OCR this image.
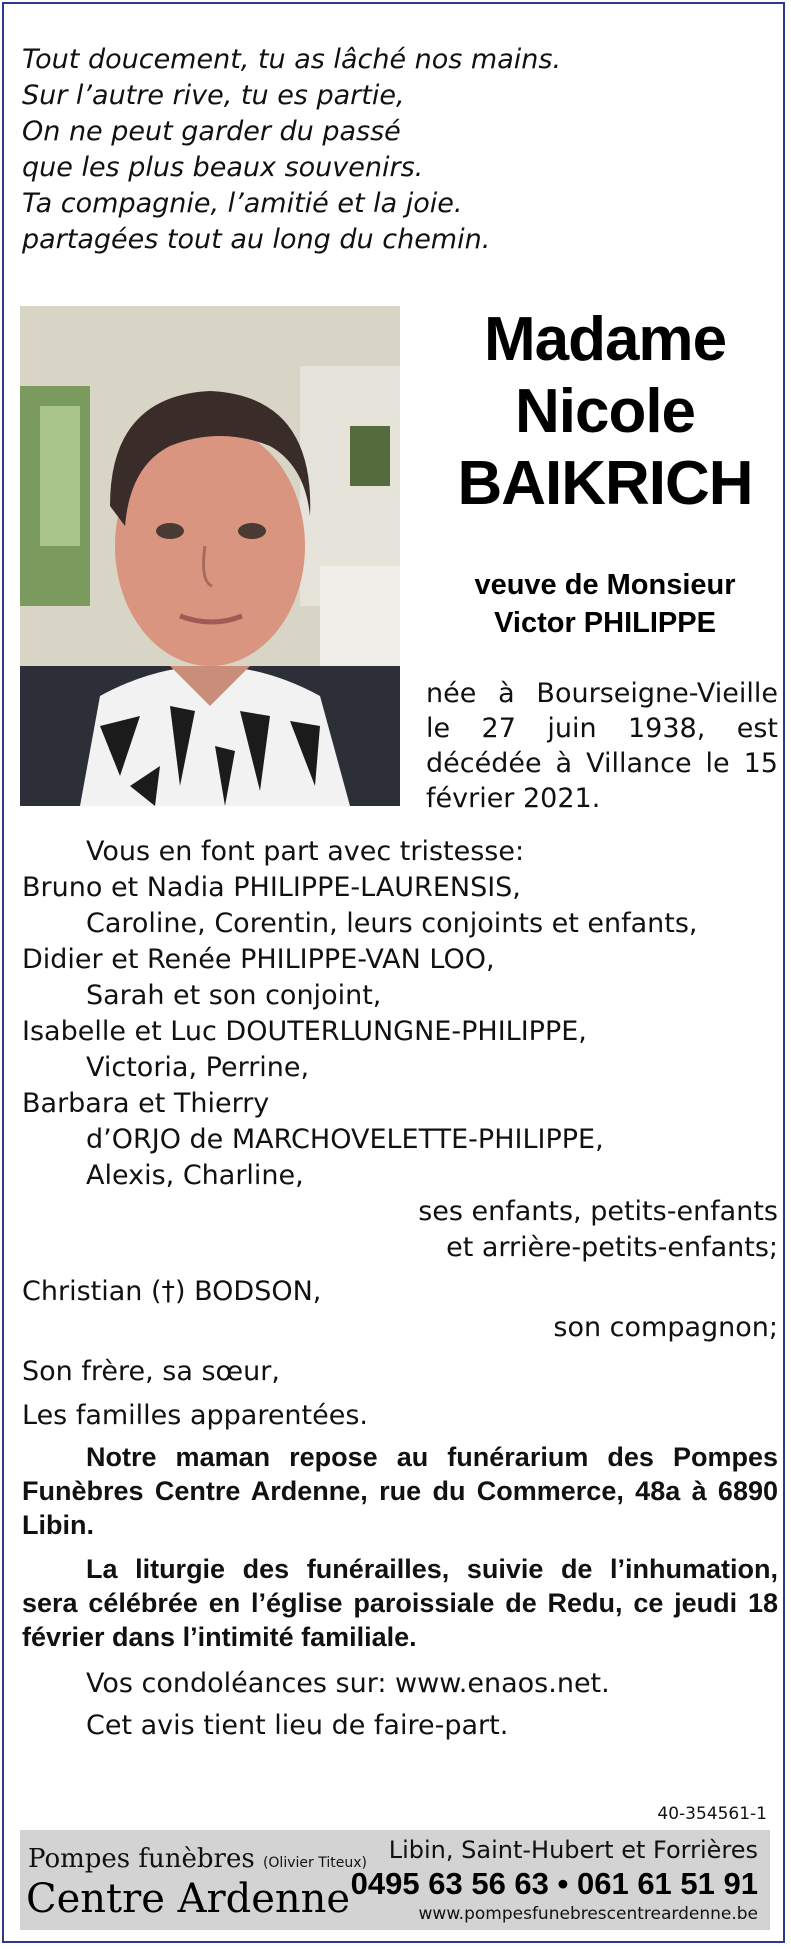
Tout doucement, tu as lâché nos mains.
Sur l’autre rive, tu es partie,
On ne peut garder du passé
que les plus beaux souvenirs.
Ta compagnie, l’amitié et la joie.
partagées tout au long du chemin.
Madame
Nicole
BAIKRICH
veuve de Monsieur
Victor PHILIPPE
née à Bourseigne-Vieille le 27 juin 1938, est décédée à Villance le 15 février 2021.
Vous en font part avec tristesse:
Bruno et Nadia PHILIPPE-LAURENSIS,
Caroline, Corentin, leurs conjoints et enfants,
Didier et Renée PHILIPPE-VAN LOO,
Sarah et son conjoint,
Isabelle et Luc DOUTERLUNGNE-PHILIPPE,
Victoria, Perrine,
Barbara et Thierry
d’ORJO de MARCHOVELETTE-PHILIPPE,
Alexis, Charline,
ses enfants, petits-enfants
et arrière-petits-enfants;
Christian (†) BODSON,
son compagnon;
Son frère, sa sœur,
Les familles apparentées.
Notre maman repose au funérarium des Pompes Funèbres Centre Ardenne, rue du Commerce, 48a à 6890 Libin.
La liturgie des funérailles, suivie de l’inhumation, sera célébrée en l’église paroissiale de Redu, ce jeudi 18 février dans l’intimité familiale.
Vos condoléances sur: www.enaos.net.
Cet avis tient lieu de faire-part.
40-354561-1
Pompes funèbres (Olivier Titeux)
Centre Ardenne
Libin, Saint-Hubert et Forrières
0495 63 56 63 • 061 61 51 91
www.pompesfunebrescentreardenne.be
